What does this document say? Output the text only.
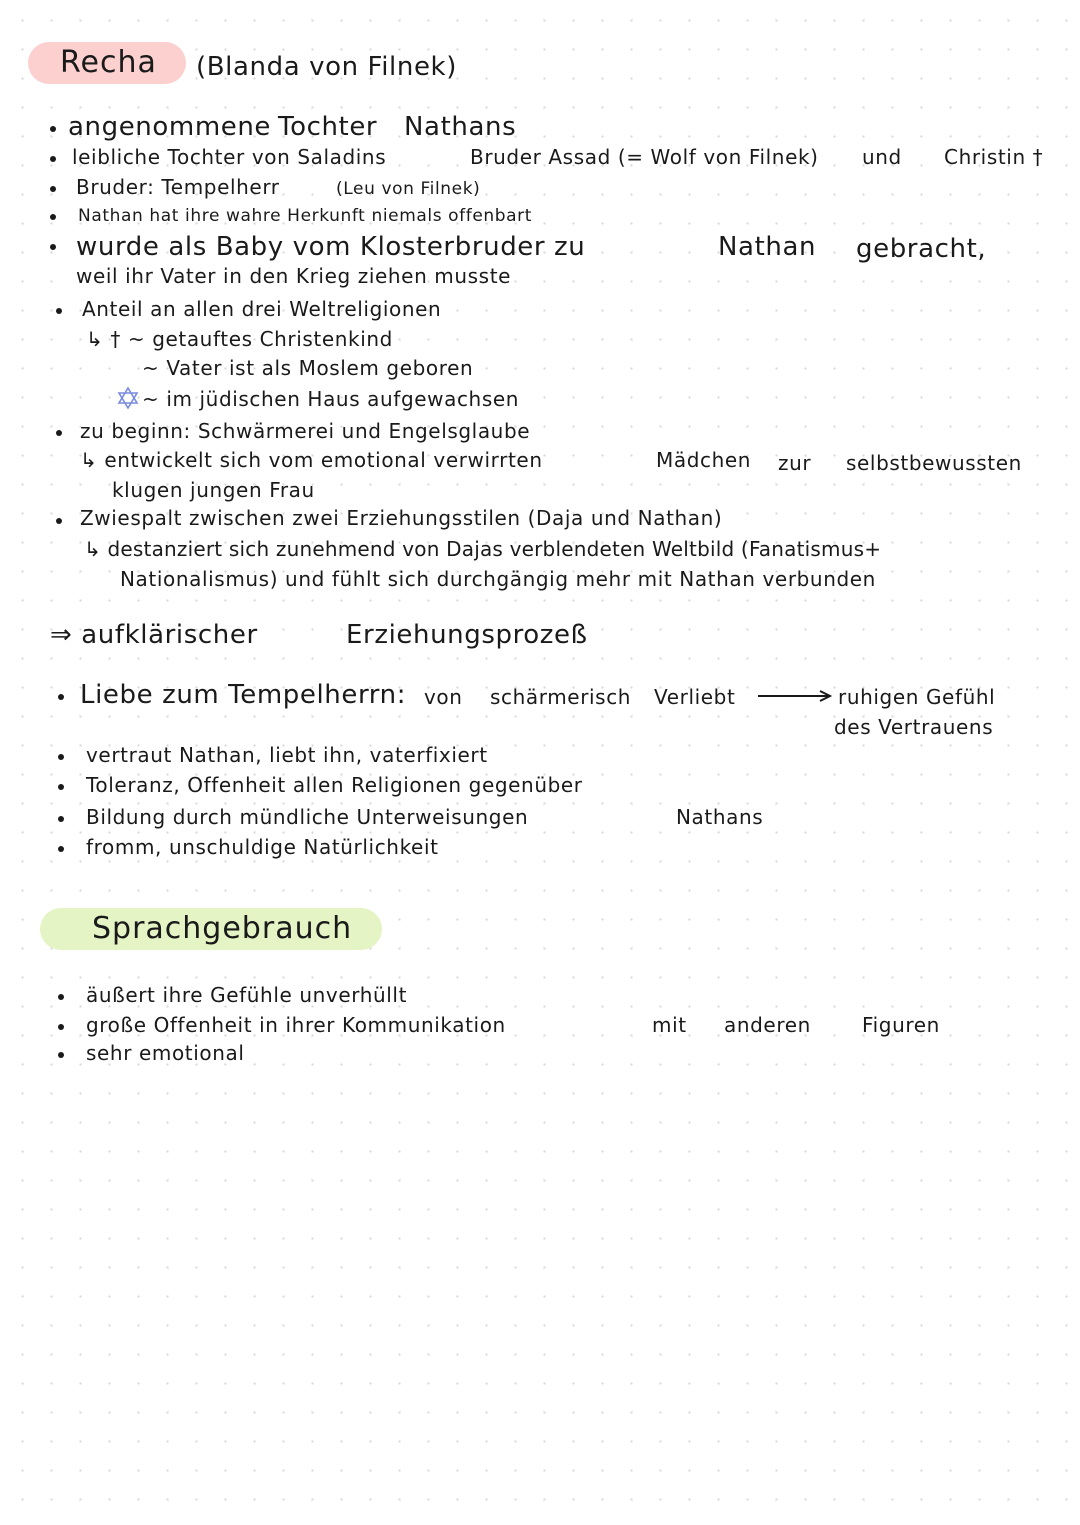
Recha (Blanda von Filnek)
angenommene Tochter Nathans
leibliche Tochter von Saladins	Bruder Assad (= Wolf von Filnek) und Christin †
Bruder: Tempelherr	(Leu von Filnek)
Nathan hat ihre wahre Herkunft niemals offenbart
wurde als Baby vom Klosterbruder zu	Nathan gebracht,
weil ihr Vater in den Krieg ziehen musste
Anteil an allen drei Weltreligionen
↳ † ~ getauftes Christenkind
~ Vater ist als Moslem geboren
~ im jüdischen Haus aufgewachsen
zu beginn: Schwärmerei und Engelsglaube
↳ entwickelt sich vom emotional verwirrten	Mädchen zur selbstbewussten
klugen jungen Frau
Zwiespalt zwischen zwei Erziehungsstilen (Daja und Nathan)
↳ destanziert sich zunehmend von Dajas verblendeten Weltbild (Fanatismus+
Nationalismus) und fühlt sich durchgängig mehr mit Nathan verbunden
⇒ aufklärischer	Erziehungsprozeß
Liebe zum Tempelherrn: von schärmerisch Verliebt	ruhigen Gefühl
des Vertrauens
vertraut Nathan, liebt ihn, vaterfixiert
Toleranz, Offenheit allen Religionen gegenüber
Bildung durch mündliche Unterweisungen	Nathans
fromm, unschuldige Natürlichkeit
Sprachgebrauch
äußert ihre Gefühle unverhüllt
große Offenheit in ihrer Kommunikation	mit anderen	Figuren
sehr emotional
